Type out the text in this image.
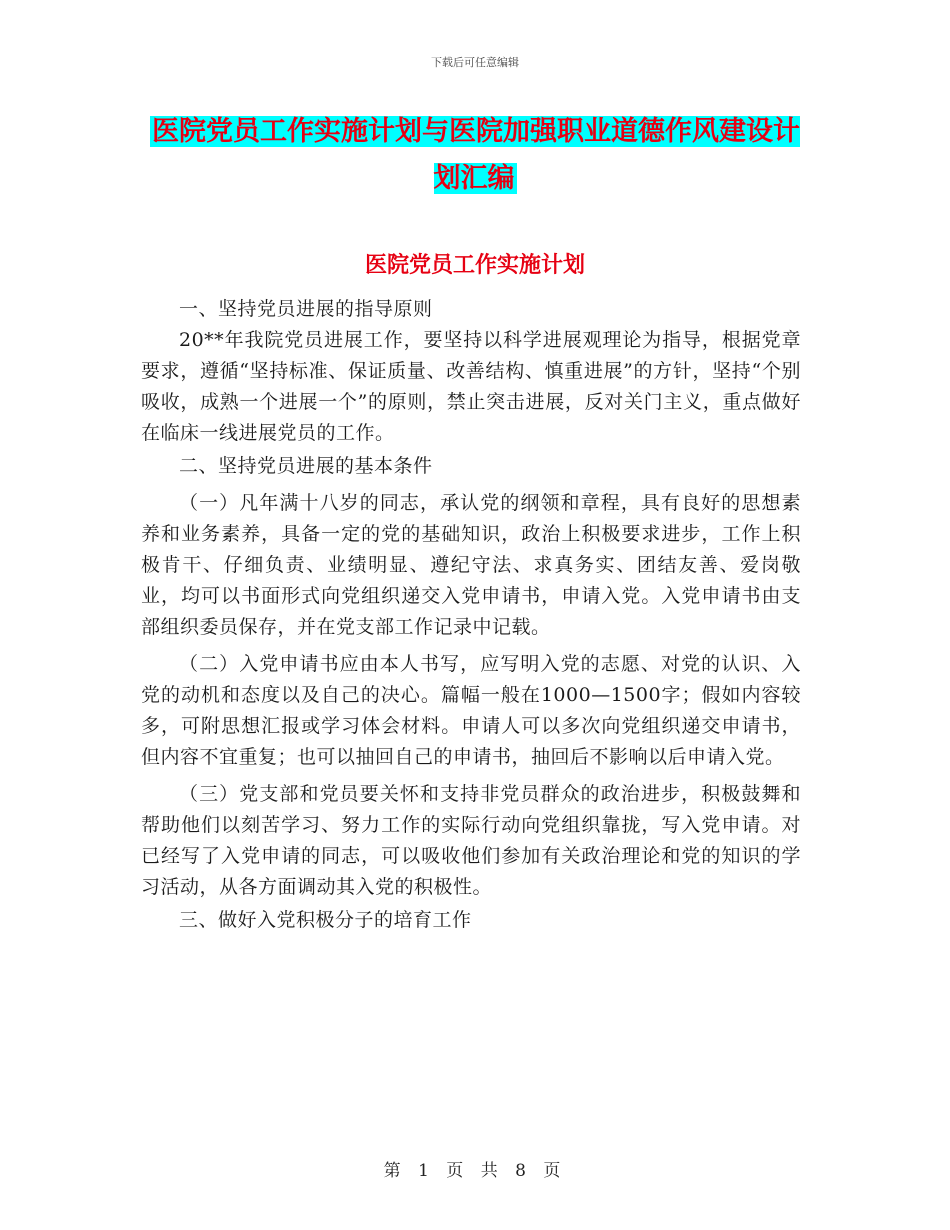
下载后可任意编辑
医院党员工作实施计划与医院加强职业道德作风建设计划汇编
医院党员工作实施计划

一、坚持党员进展的指导原则

20**年我院党员进展工作，要坚持以科学进展观理论为指导，根据党章要求，遵循“坚持标准、保证质量、改善结构、慎重进展”的方针，坚持“个别吸收，成熟一个进展一个”的原则，禁止突击进展，反对关门主义，重点做好在临床一线进展党员的工作。

二、坚持党员进展的基本条件

（一）凡年满十八岁的同志，承认党的纲领和章程，具有良好的思想素养和业务素养，具备一定的党的基础知识，政治上积极要求进步，工作上积极肯干、仔细负责、业绩明显、遵纪守法、求真务实、团结友善、爱岗敬业，均可以书面形式向党组织递交入党申请书，申请入党。入党申请书由支部组织委员保存，并在党支部工作记录中记载。

（二）入党申请书应由本人书写，应写明入党的志愿、对党的认识、入党的动机和态度以及自己的决心。篇幅一般在1000—1500字；假如内容较多，可附思想汇报或学习体会材料。申请人可以多次向党组织递交申请书，但内容不宜重复；也可以抽回自己的申请书，抽回后不影响以后申请入党。

（三）党支部和党员要关怀和支持非党员群众的政治进步，积极鼓舞和帮助他们以刻苦学习、努力工作的实际行动向党组织靠拢，写入党申请。对已经写了入党申请的同志，可以吸收他们参加有关政治理论和党的知识的学习活动，从各方面调动其入党的积极性。

三、做好入党积极分子的培育工作

第 1 页 共 8 页
